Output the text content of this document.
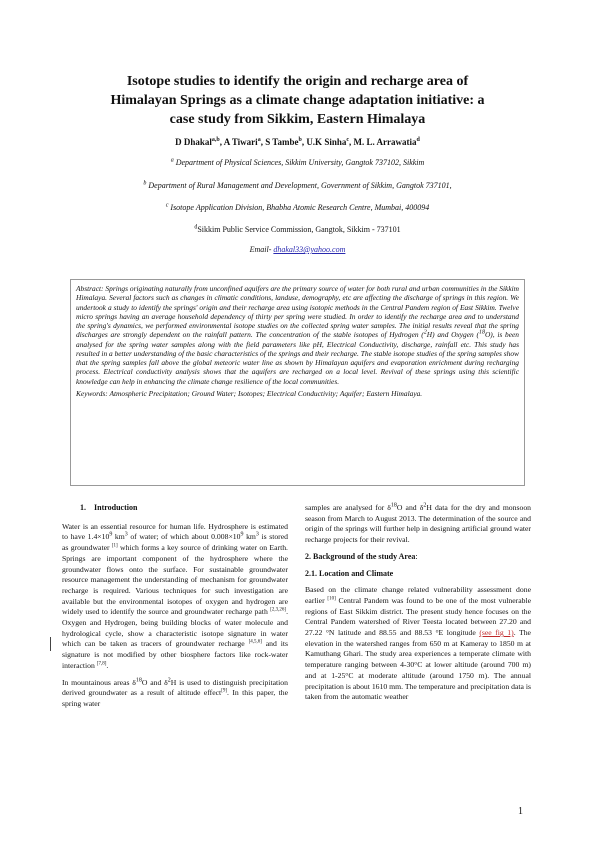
Isotope studies to identify the origin and recharge area of
Himalayan Springs as a climate change adaptation initiative: a
case study from Sikkim, Eastern Himalaya
D Dhakal$^{a,b}$, A Tiwari$^a$, S Tambe$^b$, U.K Sinha$^c$, M. L. Arrawatia$^d$
$^a$ Department of Physical Sciences, Sikkim University, Gangtok 737102, Sikkim
$^b$ Department of Rural Management and Development, Government of Sikkim, Gangtok 737101,
$^c$ Isotope Application Division, Bhabha Atomic Research Centre, Mumbai, 400094
$^d$Sikkim Public Service Commission, Gangtok, Sikkim - 737101
Email- dhakal33@yahoo.com

Abstract: Springs originating naturally from unconfined aquifers are the primary source of water for both rural and urban communities in the Sikkim Himalaya. Several factors such as changes in climatic conditions, landuse, demography, etc are affecting the discharge of springs in this region. We undertook a study to identify the springs' origin and their recharge area using isotopic methods in the Central Pandem region of East Sikkim. Twelve micro springs having an average household dependency of thirty per spring were studied. In order to identify the recharge area and to understand the spring's dynamics, we performed environmental isotope studies on the collected spring water samples. The initial results reveal that the spring discharges are strongly dependent on the rainfall pattern. The concentration of the stable isotopes of Hydrogen ($^2$H) and Oxygen ($^{18}$O), is been analysed for the spring water samples along with the field parameters like pH, Electrical Conductivity, discharge, rainfall etc. This study has resulted in a better understanding of the basic characteristics of the springs and their recharge. The stable isotope studies of the spring samples show that the spring samples fall above the global meteoric water line as shown by Himalayan aquifers and evaporation enrichment during recharging process. Electrical conductivity analysis shows that the aquifers are recharged on a local level. Revival of these springs using this scientific knowledge can help in enhancing the climate change resilience of the local communities.

Keywords: Atmospheric Precipitation; Ground Water; Isotopes; Electrical Conductivity; Aquifer; Eastern Himalaya.

1. Introduction

Water is an essential resource for human life. Hydrosphere is estimated to have $1.4\times 10^9$ $km^3$ of water; of which about $0.008\times 10^9$ $km^3$ is stored as groundwater [1] which forms a key source of drinking water on Earth. Springs are important component of the hydrosphere where the groundwater flows onto the surface. For sustainable groundwater resource management the understanding of mechanism for groundwater recharge is required. Various techniques for such investigation are available but the environmental isotopes of oxygen and hydrogen are widely used to identify the source and groundwater recharge path [2,3,26]. Oxygen and Hydrogen, being building blocks of water molecule and hydrological cycle, show a characteristic isotope signature in water which can be taken as tracers of groundwater recharge [4,5,6] and its signature is not modified by other biosphere factors like rock-water interaction [7,8].

In mountainous areas $\delta^{18}O$ and $\delta^2H$ is used to distinguish precipitation derived groundwater as a result of altitude effect[9]. In this paper, the spring water

samples are analysed for $\delta^{18}O$ and $\delta^2H$ data for the dry and monsoon season from March to August 2013. The determination of the source and origin of the springs will further help in designing artificial ground water recharge projects for their revival.

2. Background of the study Area:
2.1. Location and Climate

Based on the climate change related vulnerability assessment done earlier [10] Central Pandem was found to be one of the most vulnerable regions of East Sikkim district. The present study hence focuses on the Central Pandem watershed of River Teesta located between 27.20 and 27.22 °N latitude and 88.55 and 88.53 °E longitude (see fig 1). The elevation in the watershed ranges from 650 m at Kameray to 1850 m at Kamuthang Ghari. The study area experiences a temperate climate with temperature ranging between 4-30°C at lower altitude (around 700 m) and at 1-25°C at moderate altitude (around 1750 m). The annual precipitation is about 1610 mm. The temperature and precipitation data is taken from the automatic weather

1
